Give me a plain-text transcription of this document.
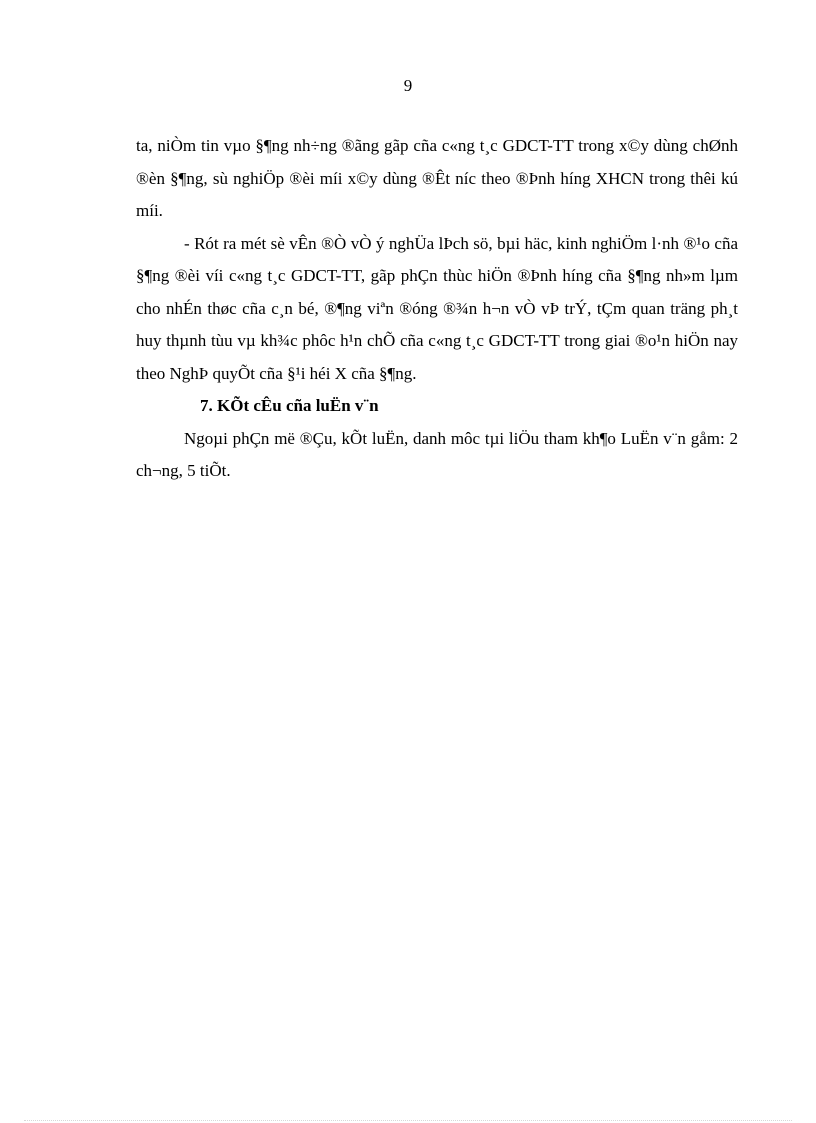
9

ta, niÒm tin vµo §¶ng nh÷ng ®ãng gãp cña c«ng t¸c GDCT-TT trong x©y dùng chØnh ®èn §¶ng, sù nghiÖp ®èi míi x©y dùng ®Êt níc theo ®Þnh híng XHCN trong thêi kú míi.

- Rót ra mét sè vÊn ®Ò vÒ ý nghÜa lÞch sö, bµi häc, kinh nghiÖm l·nh ®¹o cña §¶ng ®èi víi c«ng t¸c GDCT-TT, gãp phÇn thùc hiÖn ®Þnh híng cña §¶ng nh»m lµm cho nhÉn thøc cña c¸n bé, ®¶ng viªn ®óng ®¾n h¬n vÒ vÞ trÝ, tÇm quan träng ph¸t huy thµnh tùu vµ kh¾c phôc h¹n chÕ cña c«ng t¸c GDCT-TT trong giai ®o¹n hiÖn nay theo NghÞ quyÕt cña §¹i héi X cña §¶ng.

7. KÕt cÊu cña luËn v¨n

Ngoµi phÇn më ®Çu, kÕt luËn, danh môc tµi liÖu tham kh¶o LuËn v¨n gåm: 2 ch¬ng, 5 tiÕt.
